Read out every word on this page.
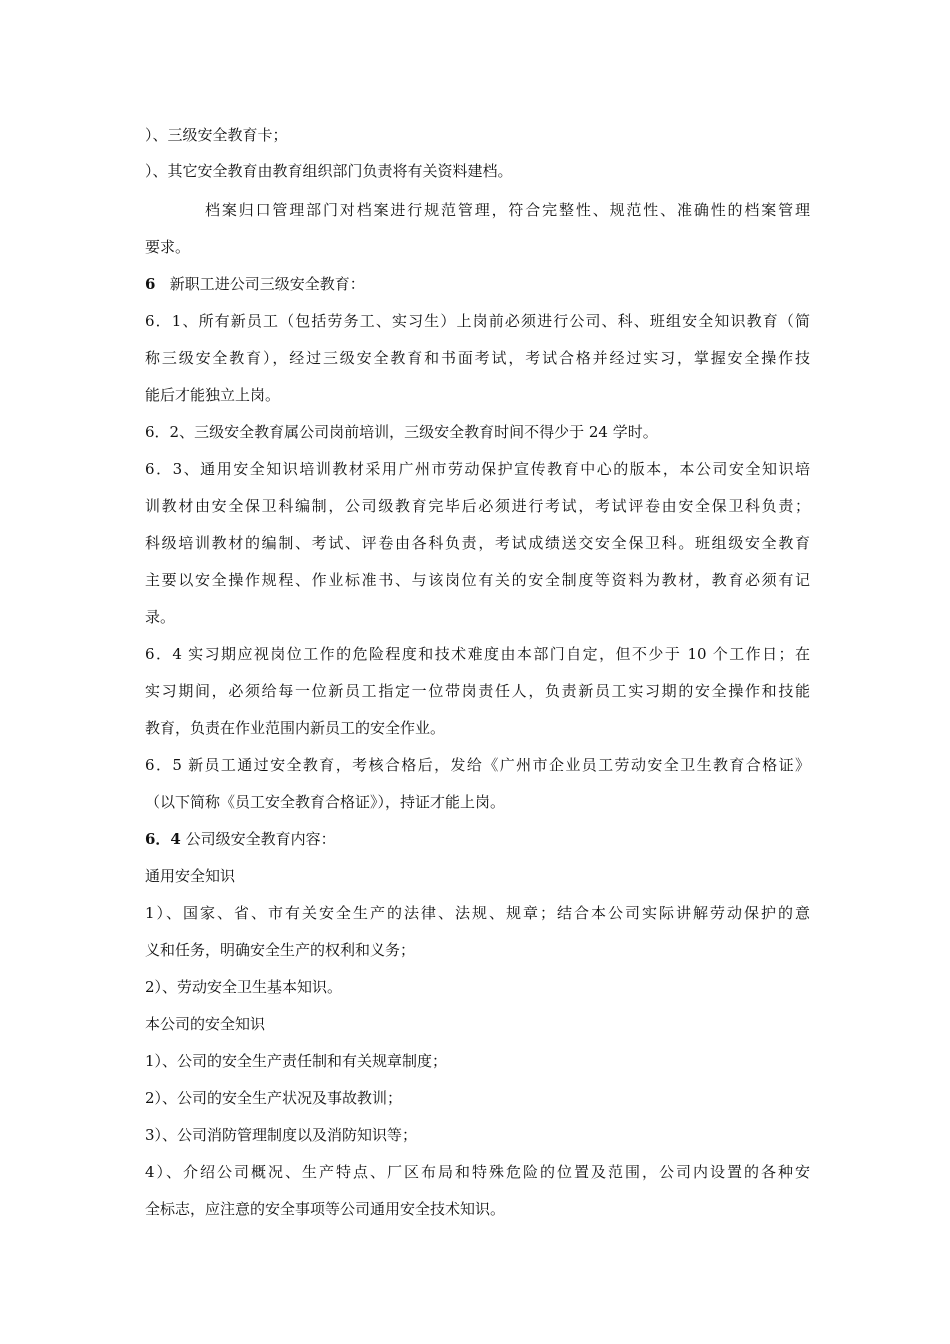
）、三级安全教育卡；
）、其它安全教育由教育组织部门负责将有关资料建档。
档案归口管理部门对档案进行规范管理，符合完整性、规范性、准确性的档案管理
要求。
6 新职工进公司三级安全教育：
6．1、所有新员工（包括劳务工、实习生）上岗前必须进行公司、科、班组安全知识教育（简
称三级安全教育），经过三级安全教育和书面考试，考试合格并经过实习，掌握安全操作技
能后才能独立上岗。
6．2、三级安全教育属公司岗前培训，三级安全教育时间不得少于 24 学时。
6．3、通用安全知识培训教材采用广州市劳动保护宣传教育中心的版本，本公司安全知识培
训教材由安全保卫科编制，公司级教育完毕后必须进行考试，考试评卷由安全保卫科负责；
科级培训教材的编制、考试、评卷由各科负责，考试成绩送交安全保卫科。班组级安全教育
主要以安全操作规程、作业标准书、与该岗位有关的安全制度等资料为教材，教育必须有记
录。
6．4 实习期应视岗位工作的危险程度和技术难度由本部门自定，但不少于 10 个工作日；在
实习期间，必须给每一位新员工指定一位带岗责任人，负责新员工实习期的安全操作和技能
教育，负责在作业范围内新员工的安全作业。
6．5 新员工通过安全教育，考核合格后，发给《广州市企业员工劳动安全卫生教育合格证》
（以下简称《员工安全教育合格证》），持证才能上岗。
6．4 公司级安全教育内容：
通用安全知识
1）、国家、省、市有关安全生产的法律、法规、规章；结合本公司实际讲解劳动保护的意
义和任务，明确安全生产的权利和义务；
2）、劳动安全卫生基本知识。
本公司的安全知识
1）、公司的安全生产责任制和有关规章制度；
2）、公司的安全生产状况及事故教训；
3）、公司消防管理制度以及消防知识等；
4）、介绍公司概况、生产特点、厂区布局和特殊危险的位置及范围，公司内设置的各种安
全标志，应注意的安全事项等公司通用安全技术知识。
